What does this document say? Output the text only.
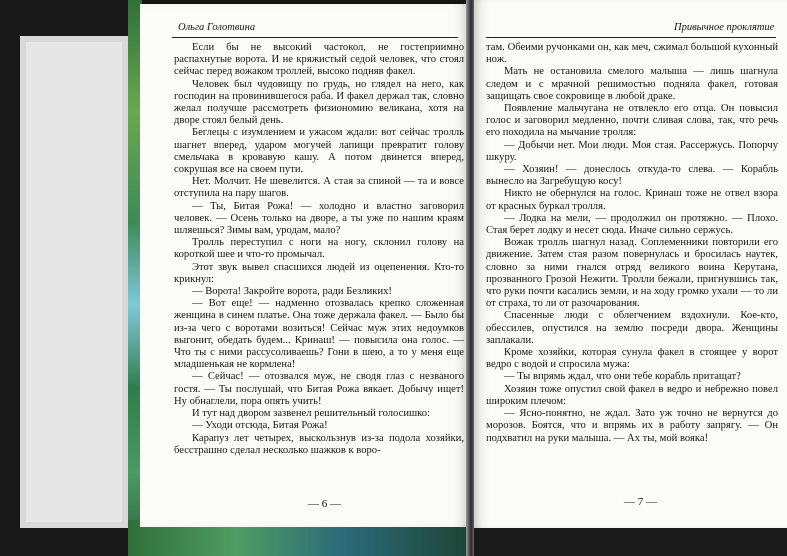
Ольга Голотвина

Если бы не высокий частокол, не гостеприимно распахнутые ворота. И не кряжистый седой человек, что стоял сейчас перед вожаком троллей, высоко подняв факел.

Человек был чудовищу по грудь, но глядел на него, как господин на провинившегося раба. И факел держал так, словно желал получше рассмотреть физиономию великана, хотя на дворе стоял белый день.

Беглецы с изумлением и ужасом ждали: вот сейчас тролль шагнет вперед, ударом могучей лапищи превратит голову смельчака в кровавую кашу. А потом двинется вперед, сокрушая все на своем пути.

Нет. Молчит. Не шевелится. А стая за спиной — та и вовсе отступила на пару шагов.

— Ты, Битая Рожа! — холодно и властно заговорил человек. — Осень только на дворе, а ты уже по нашим краям шляешься? Зимы вам, уродам, мало?

Тролль переступил с ноги на ногу, склонил голову на короткой шее и что-то промычал.

Этот звук вывел спасшихся людей из оцепенения. Кто-то крикнул:

— Ворота! Закройте ворота, ради Безликих!

— Вот еще! — надменно отозвалась крепко сложенная женщина в синем платье. Она тоже держала факел. — Было бы из-за чего с воротами возиться! Сейчас муж этих недоумков выгонит, обедать будем... Кринаш! — повысила она голос. — Что ты с ними рассусоливаешь? Гони в шею, а то у меня еще младшенькая не кормлена!

— Сейчас! — отозвался муж, не сводя глаз с незваного гостя. — Ты послушай, что Битая Рожа вякает. Добычу ищет! Ну обнаглели, пора опять учить!

И тут над двором зазвенел решительный голосишко:

— Уходи отсюда, Битая Рожа!

Карапуз лет четырех, выскользнув из-за подола хозяйки, бесстрашно сделал несколько шажков к воро-

— 6 —
Привычное проклятие

там. Обеими ручонками он, как меч, сжимал большой кухонный нож.

Мать не остановила смелого малыша — лишь шагнула следом и с мрачной решимостью подняла факел, готовая защищать свое сокровище в любой драке.

Появление мальчугана не отвлекло его отца. Он повысил голос и заговорил медленно, почти сливая слова, так, что речь его походила на мычание тролля:

— Добычи нет. Мои люди. Моя стая. Рассержусь. Попорчу шкуру.

— Хозяин! — донеслось откуда-то слева. — Корабль вынесло на Загребущую косу!

Никто не обернулся на голос. Кринаш тоже не отвел взора от красных буркал тролля.

— Лодка на мели, — продолжил он протяжно. — Плохо. Стая берет лодку и несет сюда. Иначе сильно сержусь.

Вожак тролль шагнул назад. Соплеменники повторили его движение. Затем стая разом повернулась и бросилась наутек, словно за ними гнался отряд великого воина Керутана, прозванного Грозой Нежити. Тролли бежали, пригнувшись так, что руки почти касались земли, и на ходу громко ухали — то ли от страха, то ли от разочарования.

Спасенные люди с облегчением вздохнули. Кое-кто, обессилев, опустился на землю посреди двора. Женщины заплакали.

Кроме хозяйки, которая сунула факел в стоящее у ворот ведро с водой и спросила мужа:

— Ты впрямь ждал, что они тебе корабль притащат?

Хозяин тоже опустил свой факел в ведро и небрежно повел широким плечом:

— Ясно-понятно, не ждал. Зато уж точно не вернутся до морозов. Боятся, что и впрямь их в работу запрягу. — Он подхватил на руки малыша. — Ах ты, мой вояка!

— 7 —
